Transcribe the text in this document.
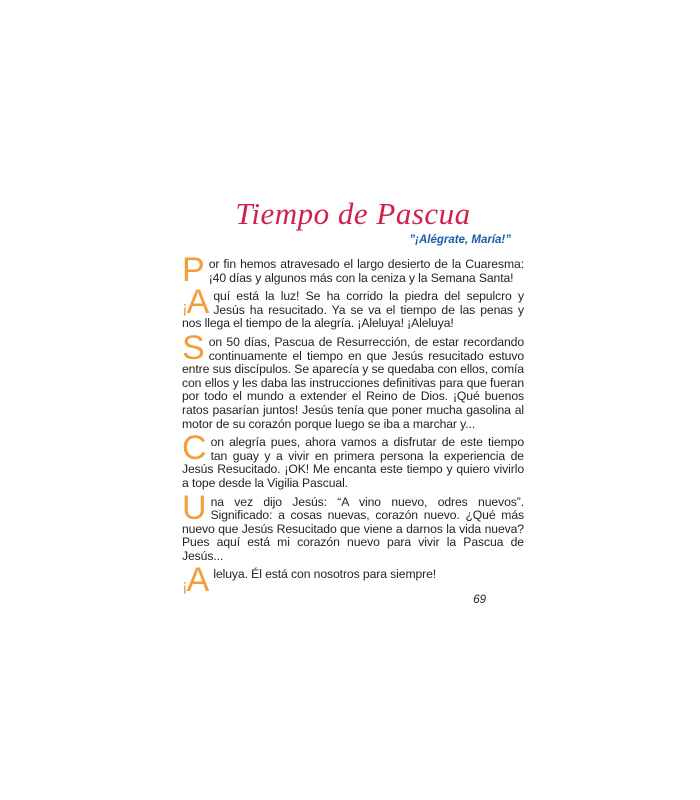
Tiempo de Pascua
”¡Alégrate, María!”

Por fin hemos atravesado el largo desierto de la Cuaresma: ¡40 días y algunos más con la ceniza y la Semana Santa!

¡A quí está la luz! Se ha corrido la piedra del sepulcro y Jesús ha resucitado. Ya se va el tiempo de las penas y nos llega el tiempo de la alegría. ¡Aleluya! ¡Aleluya!

Son 50 días, Pascua de Resurrección, de estar recordando continuamente el tiempo en que Jesús resucitado estuvo entre sus discípulos. Se aparecía y se quedaba con ellos, comía con ellos y les daba las instrucciones definitivas para que fueran por todo el mundo a extender el Reino de Dios. ¡Qué buenos ratos pasarían juntos! Jesús tenía que poner mucha gasolina al motor de su corazón porque luego se iba a marchar y...

Con alegría pues, ahora vamos a disfrutar de este tiempo tan guay y a vivir en primera persona la experiencia de Jesús Resucitado. ¡OK! Me encanta este tiempo y quiero vivirlo a tope desde la Vigilia Pascual.

Una vez dijo Jesús: “A vino nuevo, odres nuevos”. Significado: a cosas nuevas, corazón nuevo. ¿Qué más nuevo que Jesús Resucitado que viene a darnos la vida nueva? Pues aquí está mi corazón nuevo para vivir la Pascua de Jesús...

¡A leluya. Él está con nosotros para siempre!

69
